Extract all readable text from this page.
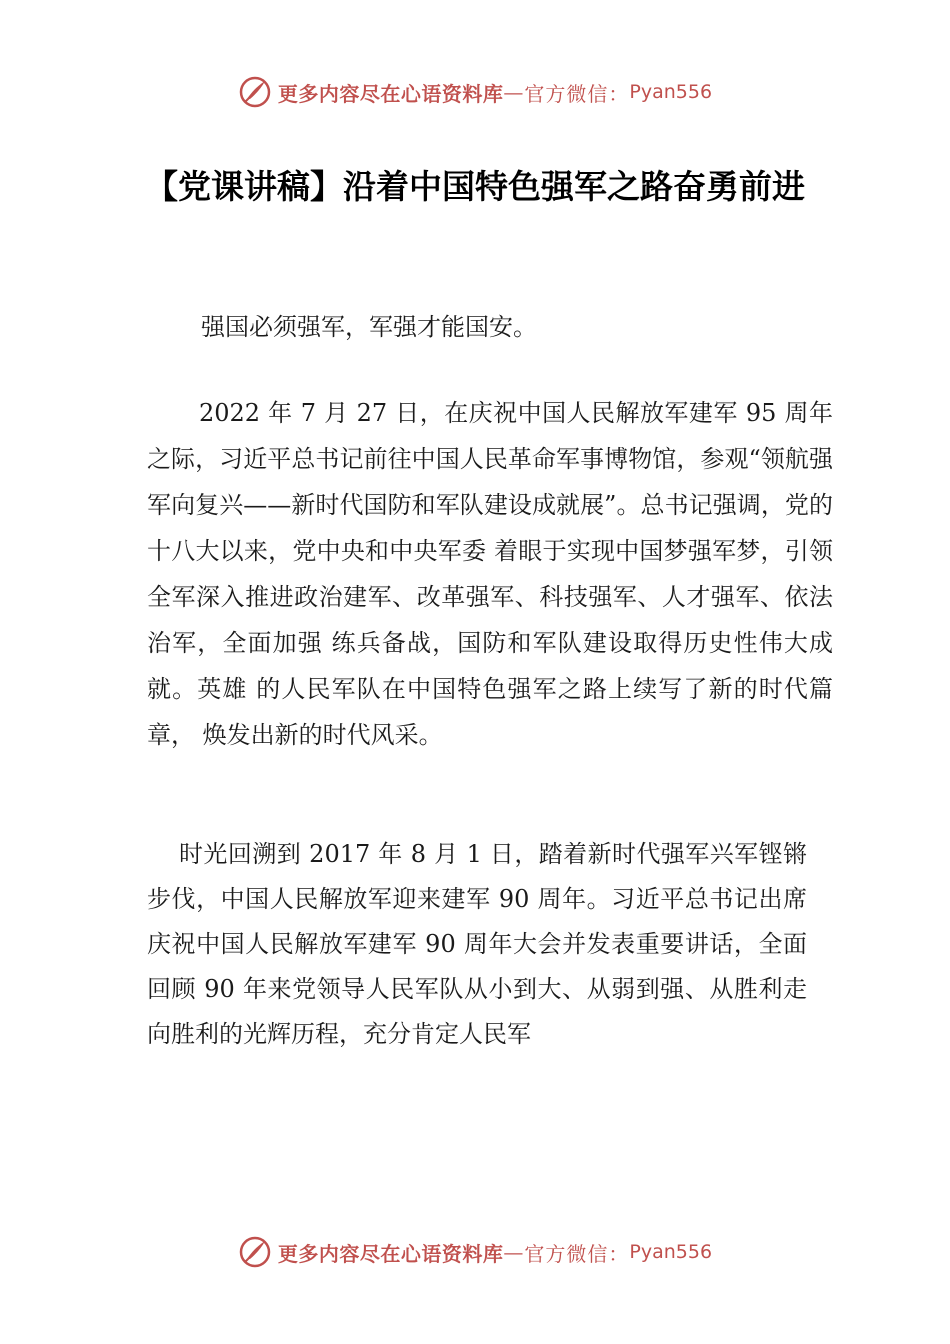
更多内容尽在心语资料库 — 官方微信： Pyan556
【党课讲稿】沿着中国特色强军之路奋勇前进

强国必须强军，军强才能国安。

2022 年 7 月 27 日，在庆祝中国人民解放军建军 95 周年之际，习近平总书记前往中国人民革命军事博物馆，参观“领航强军向复兴——新时代国防和军队建设成就展”。总书记强调，党的十八大以来，党中央和中央军委 着眼于实现中国梦强军梦，引领全军深入推进政治建军、改革强军、科技强军、人才强军、依法治军，全面加强 练兵备战，国防和军队建设取得历史性伟大成就。英雄 的人民军队在中国特色强军之路上续写了新的时代篇章， 焕发出新的时代风采。

时光回溯到 2017 年 8 月 1 日，踏着新时代强军兴军铿锵步伐，中国人民解放军迎来建军 90 周年。习近平总书记出席庆祝中国人民解放军建军 90 周年大会并发表重要讲话，全面回顾 90 年来党领导人民军队从小到大、从弱到强、从胜利走向胜利的光辉历程，充分肯定人民军

更多内容尽在心语资料库 — 官方微信： Pyan556
